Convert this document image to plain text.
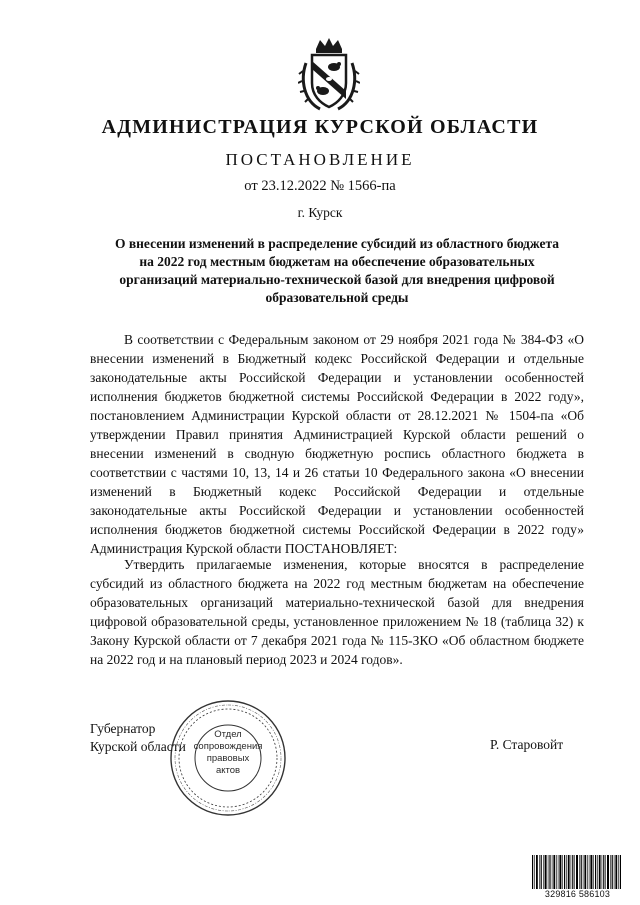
АДМИНИСТРАЦИЯ КУРСКОЙ ОБЛАСТИ
ПОСТАНОВЛЕНИЕ
от 23.12.2022 № 1566-па
г. Курск
О внесении изменений в распределение субсидий из областного бюджета
на 2022 год местным бюджетам на обеспечение образовательных
организаций материально-технической базой для внедрения цифровой
образовательной среды

В соответствии с Федеральным законом от 29 ноября 2021 года № 384-ФЗ «О внесении изменений в Бюджетный кодекс Российской Федерации и отдельные законодательные акты Российской Федерации и установлении особенностей исполнения бюджетов бюджетной системы Российской Федерации в 2022 году», постановлением Администрации Курской области от 28.12.2021 № 1504-па «Об утверждении Правил принятия Администрацией Курской области решений о внесении изменений в сводную бюджетную роспись областного бюджета в соответствии с частями 10, 13, 14 и 26 статьи 10 Федерального закона «О внесении изменений в Бюджетный кодекс Российской Федерации и отдельные законодательные акты Российской Федерации и установлении особенностей исполнения бюджетов бюджетной системы Российской Федерации в 2022 году» Администрация Курской области ПОСТАНОВЛЯЕТ:

Утвердить прилагаемые изменения, которые вносятся в распределение субсидий из областного бюджета на 2022 год местным бюджетам на обеспечение образовательных организаций материально-технической базой для внедрения цифровой образовательной среды, установленное приложением № 18 (таблица 32) к Закону Курской области от 7 декабря 2021 года № 115-ЗКО «Об областном бюджете на 2022 год и на плановый период 2023 и 2024 годов».

Отдел
сопровождения
правовых
актов
Губернатор
Курской области	Р. Старовойт
329816 586103
